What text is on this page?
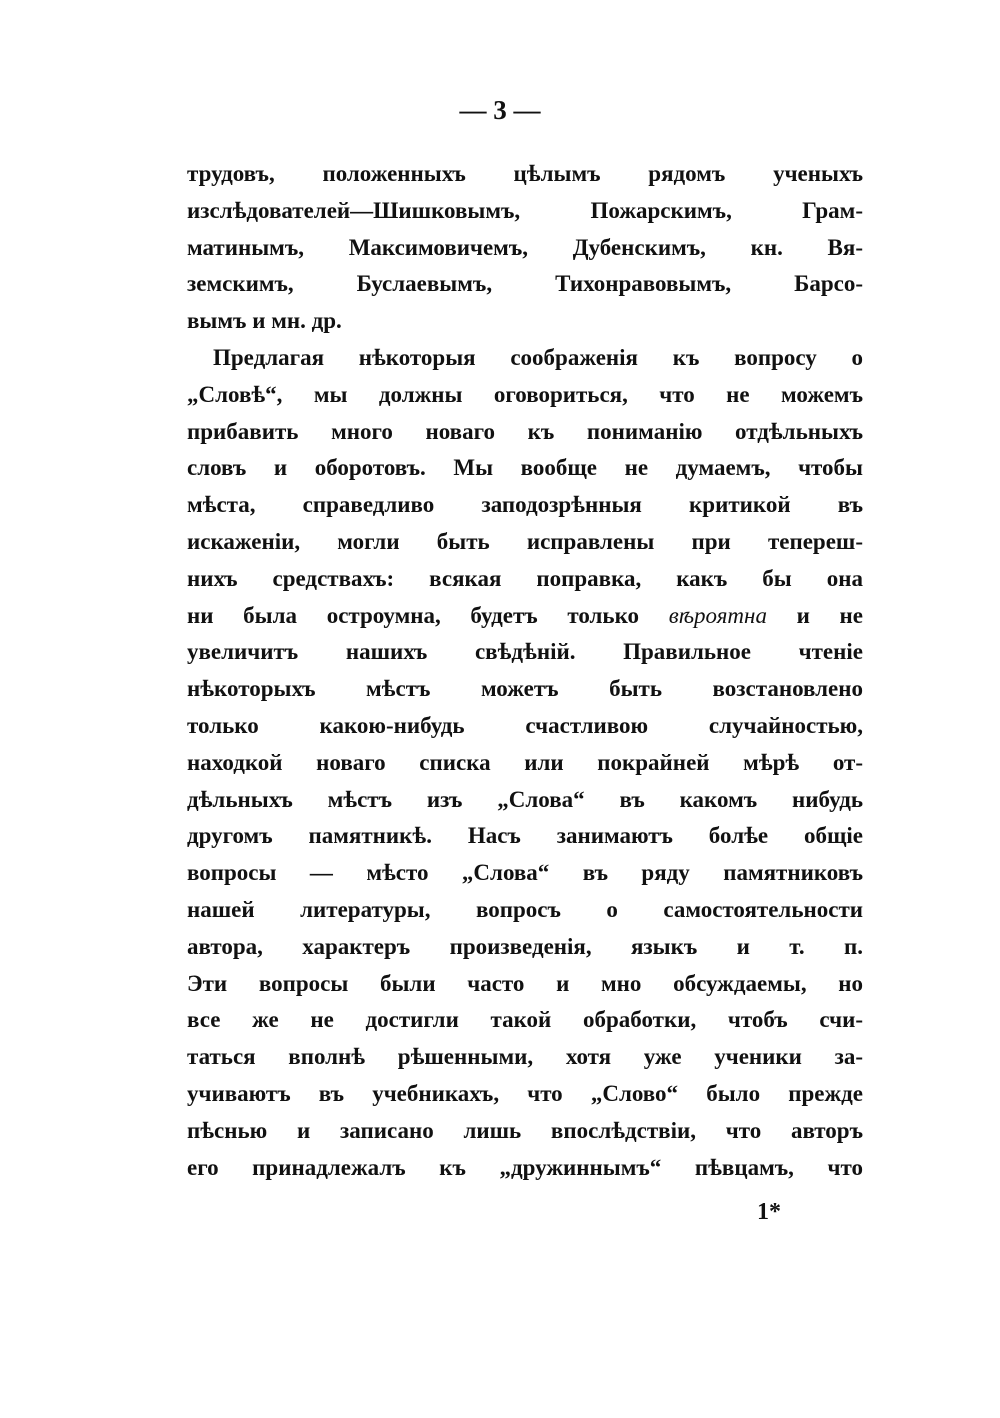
— 3 —
трудовъ, положенныхъ цѣлымъ рядомъ ученыхъ
изслѣдователей—Шишковымъ, Пожарскимъ, Грам-
матинымъ, Максимовичемъ, Дубенскимъ, кн. Вя-
земскимъ, Буслаевымъ, Тихонравовымъ, Барсо-
вымъ и мн. др.
Предлагая нѣкоторыя соображенія къ вопросу о
„Словѣ“, мы должны оговориться, что не можемъ
прибавить много новаго къ пониманію отдѣльныхъ
словъ и оборотовъ. Мы вообще не думаемъ, чтобы
мѣста, справедливо заподозрѣнныя критикой въ
искаженіи, могли быть исправлены при тепереш-
нихъ средствахъ: всякая поправка, какъ бы она
ни была остроумна, будетъ только вѣроятна и не
увеличитъ нашихъ свѣдѣній. Правильное чтеніе
нѣкоторыхъ мѣстъ можетъ быть возстановлено
только какою-нибудь счастливою случайностью,
находкой новаго списка или покрайней мѣрѣ от-
дѣльныхъ мѣстъ изъ „Слова“ въ какомъ нибудь
другомъ памятникѣ. Насъ занимаютъ болѣе общіе
вопросы — мѣсто „Слова“ въ ряду памятниковъ
нашей литературы, вопросъ о самостоятельности
автора, характеръ произведенія, языкъ и т. п.
Эти вопросы были часто и мно обсуждаемы, но
все же не достигли такой обработки, чтобъ счи-
таться вполнѣ рѣшенными, хотя уже ученики за-
учиваютъ въ учебникахъ, что „Слово“ было прежде
пѣснью и записано лишь впослѣдствіи, что авторъ
его принадлежалъ къ „дружиннымъ“ пѣвцамъ, что
1*
